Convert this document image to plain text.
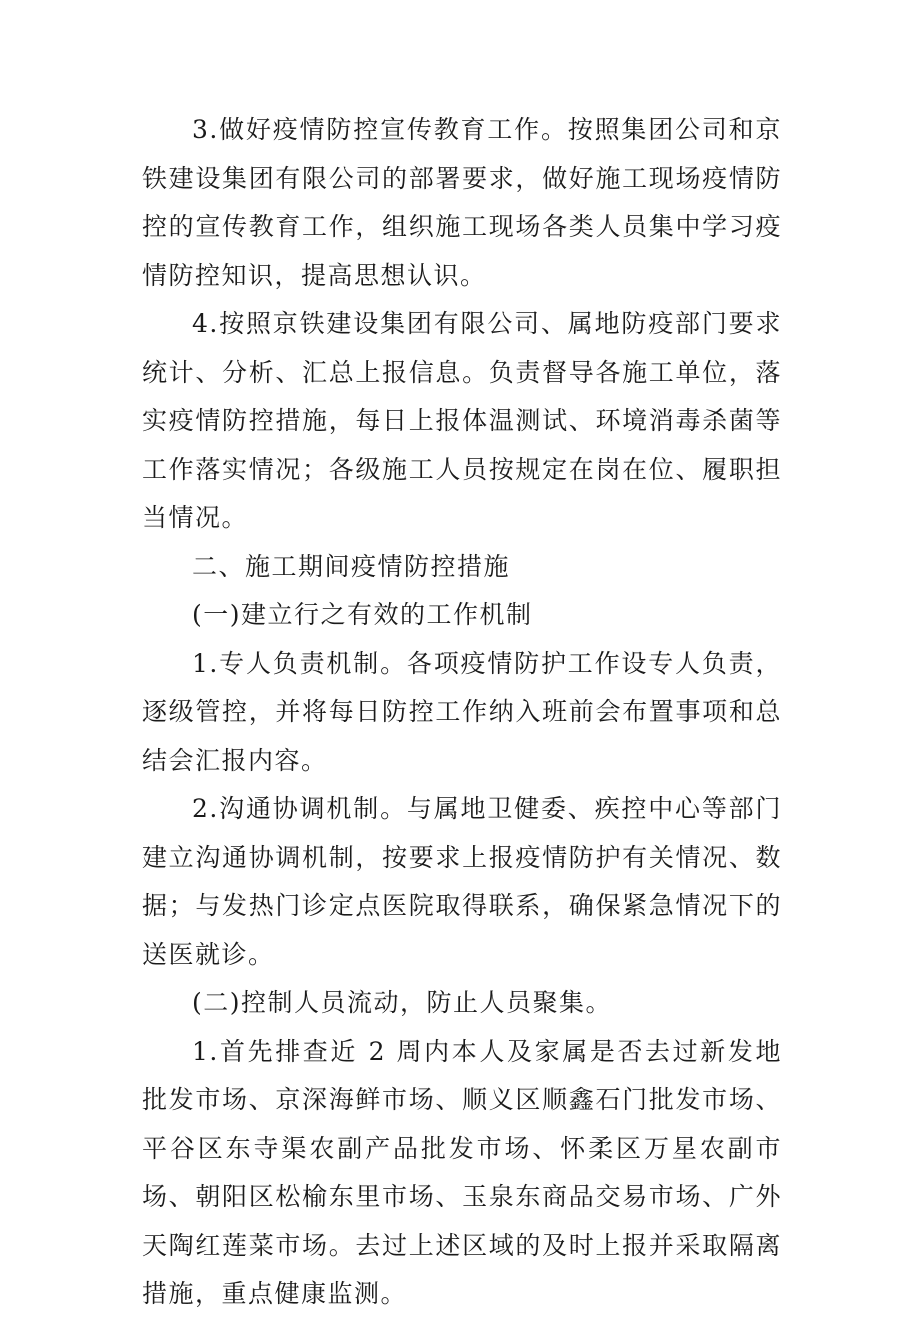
3.做好疫情防控宣传教育工作。按照集团公司和京铁建设集团有限公司的部署要求，做好施工现场疫情防控的宣传教育工作，组织施工现场各类人员集中学习疫情防控知识，提高思想认识。

4.按照京铁建设集团有限公司、属地防疫部门要求统计、分析、汇总上报信息。负责督导各施工单位，落实疫情防控措施，每日上报体温测试、环境消毒杀菌等工作落实情况；各级施工人员按规定在岗在位、履职担当情况。

二、施工期间疫情防控措施

(一)建立行之有效的工作机制

1.专人负责机制。各项疫情防护工作设专人负责，逐级管控，并将每日防控工作纳入班前会布置事项和总结会汇报内容。

2.沟通协调机制。与属地卫健委、疾控中心等部门建立沟通协调机制，按要求上报疫情防护有关情况、数据；与发热门诊定点医院取得联系，确保紧急情况下的送医就诊。

(二)控制人员流动，防止人员聚集。

1.首先排查近 2 周内本人及家属是否去过新发地批发市场、京深海鲜市场、顺义区顺鑫石门批发市场、平谷区东寺渠农副产品批发市场、怀柔区万星农副市场、朝阳区松榆东里市场、玉泉东商品交易市场、广外天陶红莲菜市场。去过上述区域的及时上报并采取隔离措施，重点健康监测。
